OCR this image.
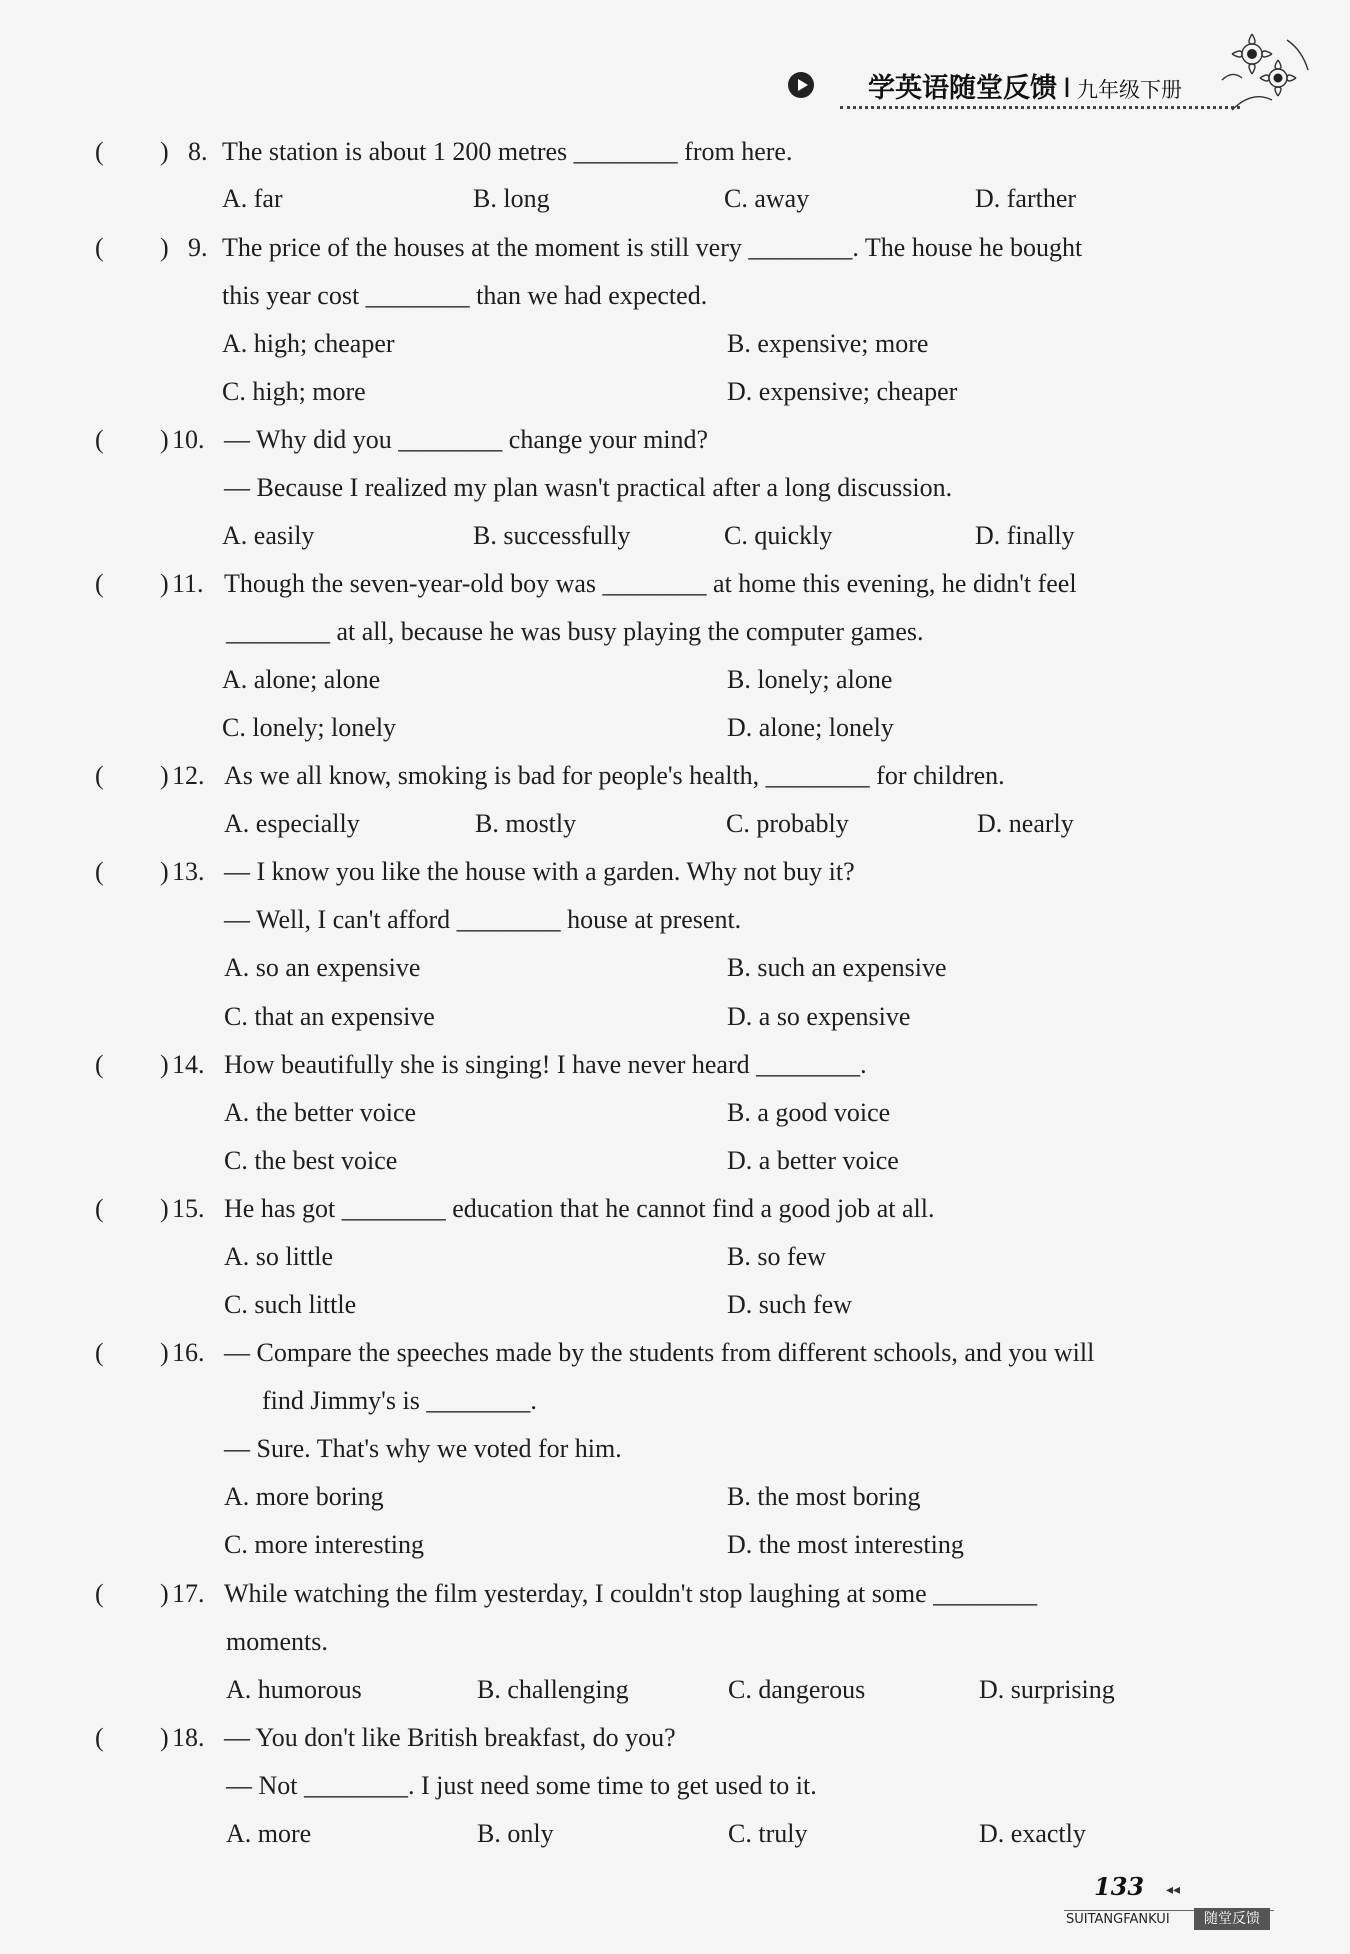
学英语随堂反馈 I 九年级下册
( ) 8. The station is about 1 200 metres ________ from here.
A. far	B. long	C. away	D. farther
( ) 9. The price of the houses at the moment is still very ________. The house he bought
this year cost ________ than we had expected.
A. high; cheaper	B. expensive; more
C. high; more	D. expensive; cheaper
( ) 10. — Why did you ________ change your mind?
— Because I realized my plan wasn't practical after a long discussion.
A. easily	B. successfully	C. quickly	D. finally
( ) 11. Though the seven-year-old boy was ________ at home this evening, he didn't feel
________ at all, because he was busy playing the computer games.
A. alone; alone	B. lonely; alone
C. lonely; lonely	D. alone; lonely
( ) 12. As we all know, smoking is bad for people's health, ________ for children.
A. especially	B. mostly	C. probably	D. nearly
( ) 13. — I know you like the house with a garden. Why not buy it?
— Well, I can't afford ________ house at present.
A. so an expensive	B. such an expensive
C. that an expensive	D. a so expensive
( ) 14. How beautifully she is singing! I have never heard ________.
A. the better voice	B. a good voice
C. the best voice	D. a better voice
( ) 15. He has got ________ education that he cannot find a good job at all.
A. so little	B. so few
C. such little	D. such few
( ) 16. — Compare the speeches made by the students from different schools, and you will
find Jimmy's is ________.
— Sure. That's why we voted for him.
A. more boring	B. the most boring
C. more interesting	D. the most interesting
( ) 17. While watching the film yesterday, I couldn't stop laughing at some ________
moments.
A. humorous	B. challenging	C. dangerous	D. surprising
( ) 18. — You don't like British breakfast, do you?
— Not ________. I just need some time to get used to it.
A. more	B. only	C. truly	D. exactly
133 ◂◂
SUITANGFANKUI	随堂反馈
